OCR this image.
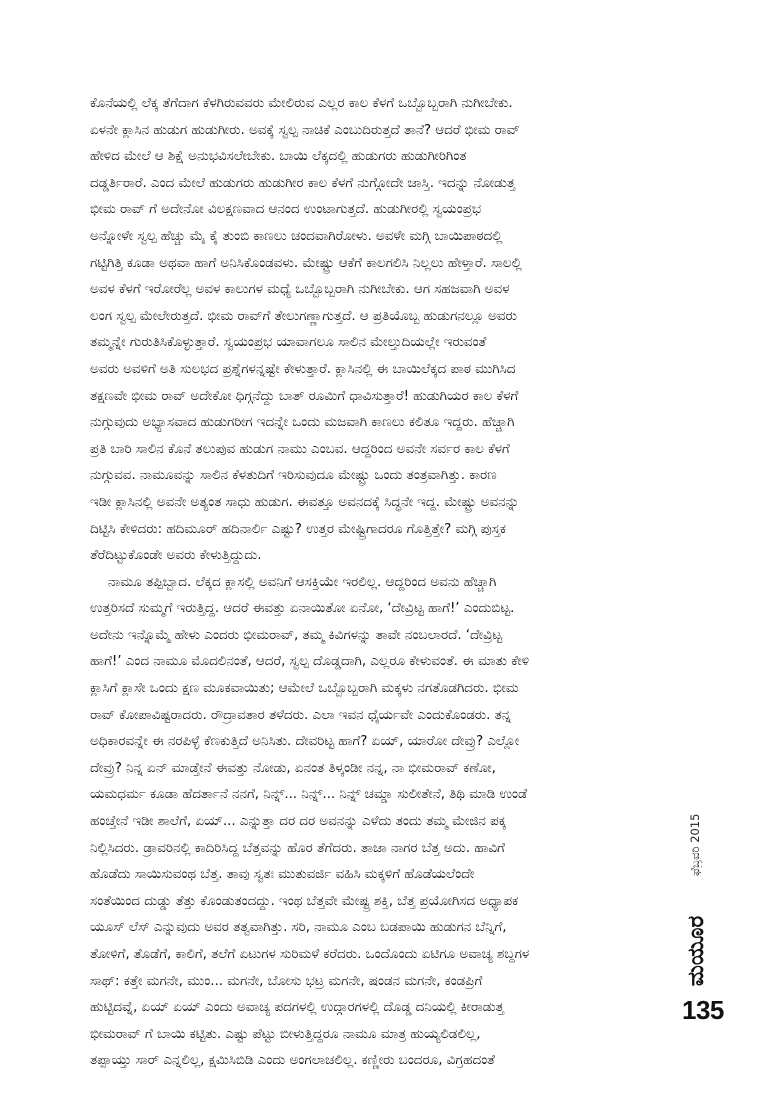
ಕೊನೆಯಲ್ಲಿ ಲೆಕ್ಕ ತೆಗೆದಾಗ ಕೆಳಗಿರುವವರು ಮೇಲಿರುವ ಎಲ್ಲರ ಕಾಲ ಕೆಳಗೆ ಒಬ್ಬೊಬ್ಬರಾಗಿ ನುಗೀಬೇಕು.
ಏಳನೇ ಕ್ಲಾಸಿನ ಹುಡುಗ ಹುಡುಗೀರು. ಅವಕ್ಕೆ ಸ್ವಲ್ಪ ನಾಚಿಕೆ ಎಂಬುದಿರುತ್ತದೆ ತಾನೆ? ಆದರೆ ಭೀಮ ರಾವ್
ಹೇಳಿದ ಮೇಲೆ ಆ ಶಿಕ್ಷೆ ಅನುಭವಿಸಲೇಬೇಕು. ಬಾಯಿ ಲೆಕ್ಕದಲ್ಲಿ ಹುಡುಗರು ಹುಡುಗೀರಿಗಿಂತ
ದಡ್ಡರ್ತಿರಾರೆ. ಎಂದ ಮೇಲೆ ಹುಡುಗರು ಹುಡುಗೀರ ಕಾಲ ಕೆಳಗೆ ನುಗ್ಗೋದೇ ಜಾಸ್ತಿ. ಇದನ್ನು ನೋಡುತ್ತ
ಭೀಮ ರಾವ್ ಗೆ ಅದೇನೋ ವಿಲಕ್ಷಣವಾದ ಆನಂದ ಉಂಟಾಗುತ್ತದೆ. ಹುಡುಗೀರಲ್ಲಿ ಸ್ವಯಂಪ್ರಭ
ಅನ್ನೋಳೇ ಸ್ವಲ್ಪ ಹೆಚ್ಚು ಮೈ ಕೈ ತುಂಬಿ ಕಾಣಲು ಚಂದವಾಗಿರೋಳು. ಅವಳೇ ಮಗ್ಗಿ ಬಾಯಿಪಾಠದಲ್ಲಿ
ಗಟ್ಟಿಗಿತ್ತಿ ಕೂಡಾ ಅಥವಾ ಹಾಗೆ ಅನಿಸಿಕೊಂಡವಳು. ಮೇಷ್ಟ್ರು ಆಕೆಗೆ ಕಾಲಗಲಿಸಿ ನಿಲ್ಲಲು ಹೇಳ್ತಾರೆ. ಸಾಲಲ್ಲಿ
ಅವಳ ಕೆಳಗೆ ಇರೋರೆಲ್ಲ ಅವಳ ಕಾಲುಗಳ ಮಧ್ಯೆ ಒಬ್ಬೊಬ್ಬರಾಗಿ ನುಗೀಬೇಕು. ಆಗ ಸಹಜವಾಗಿ ಅವಳ
ಲಂಗ ಸ್ವಲ್ಪ ಮೇಲೇರುತ್ತದೆ. ಭೀಮ ರಾವ್‌ಗೆ ತೇಲುಗಣ್ಣಾಗುತ್ತದೆ. ಆ ಪ್ರತಿಯೊಬ್ಬ ಹುಡುಗನಲ್ಲೂ ಅವರು
ತಮ್ಮನ್ನೇ ಗುರುತಿಸಿಕೊಳ್ಳುತ್ತಾರೆ. ಸ್ವಯಂಪ್ರಭ ಯಾವಾಗಲೂ ಸಾಲಿನ ಮೇಲ್ತುದಿಯಲ್ಲೇ ಇರುವಂತೆ
ಅವರು ಅವಳಿಗೆ ಅತಿ ಸುಲಭದ ಪ್ರಶ್ನೆಗಳನ್ನಷ್ಟೇ ಕೇಳುತ್ತಾರೆ. ಕ್ಲಾಸಿನಲ್ಲಿ ಈ ಬಾಯಿಲೆಕ್ಕದ ಪಾಠ ಮುಗಿಸಿದ
ತಕ್ಷಣವೇ ಭೀಮ ರಾವ್ ಅದೇಕೋ ಧಿಗ್ಗನೆದ್ದು ಬಾತ್ ರೂಮಿಗೆ ಧಾವಿಸುತ್ತಾರೆ! ಹುಡುಗಿಯರ ಕಾಲ ಕೆಳಗೆ
ನುಗ್ಗುವುದು ಅಭ್ಯಾಸವಾದ ಹುಡುಗರೀಗ ಇದನ್ನೇ ಒಂದು ಮಜವಾಗಿ ಕಾಣಲು ಕಲಿತೂ ಇದ್ದರು. ಹೆಚ್ಚಾಗಿ
ಪ್ರತಿ ಬಾರಿ ಸಾಲಿನ ಕೊನೆ ತಲುಪುವ ಹುಡುಗ ನಾಮು ಎಂಬವ. ಆದ್ದರಿಂದ ಅವನೇ ಸರ್ವರ ಕಾಲ ಕೆಳಗೆ
ನುಗ್ಗುವವ. ನಾಮೂವನ್ನು ಸಾಲಿನ ಕೆಳತುದಿಗೆ ಇರಿಸುವುದೂ ಮೇಷ್ಟ್ರು ಒಂದು ತಂತ್ರವಾಗಿತ್ತು. ಕಾರಣ
ಇಡೀ ಕ್ಲಾಸಿನಲ್ಲಿ ಅವನೇ ಅತ್ಯಂತ ಸಾಧು ಹುಡುಗ. ಈವತ್ತೂ ಅವನದಕ್ಕೆ ಸಿದ್ಧನೇ ಇದ್ದ. ಮೇಷ್ಟ್ರು ಅವನನ್ನು
ದಿಟ್ಟಿಸಿ ಕೇಳಿದರು: ಹದಿಮೂರ್ ಹದಿನಾರ್ಲಿ ಎಷ್ಟು? ಉತ್ತರ ಮೇಷ್ಟ್ರಿಗಾದರೂ ಗೊತ್ತಿತ್ತೇ? ಮಗ್ಗಿ ಪುಸ್ತಕ
ತೆರೆದಿಟ್ಟುಕೊಂಡೇ ಅವರು ಕೇಳುತ್ತಿದ್ದುದು.
ನಾಮೂ ತಪ್ಪಿಬ್ಬಾದ. ಲೆಕ್ಕದ ಕ್ಲಾಸಲ್ಲಿ ಅವನಿಗೆ ಆಸಕ್ತಿಯೇ ಇರಲಿಲ್ಲ. ಆದ್ದರಿಂದ ಅವನು ಹೆಚ್ಚಾಗಿ
ಉತ್ತರಿಸದೆ ಸುಮ್ಮಗೆ ಇರುತ್ತಿದ್ದ. ಆದರೆ ಈವತ್ತು ಏನಾಯಿತೋ ಏನೋ, ‘ದೇವ್ರಿಟ್ಟ ಹಾಗೆ!’ ಎಂದುಬಿಟ್ಟ.
ಅದೇನು ಇನ್ನೊಮ್ಮೆ ಹೇಳು ಎಂದರು ಭೀಮರಾವ್, ತಮ್ಮ ಕಿವಿಗಳನ್ನು ತಾವೇ ನಂಬಲಾರದೆ. ‘ದೇವ್ರಿಟ್ಟ
ಹಾಗೆ!’ ಎಂದ ನಾಮೂ ಮೊದಲಿನಂತೆ, ಆದರೆ, ಸ್ವಲ್ಪ ದೊಡ್ಡದಾಗಿ, ಎಲ್ಲರೂ ಕೇಳುವಂತೆ. ಈ ಮಾತು ಕೇಳಿ
ಕ್ಲಾಸಿಗೆ ಕ್ಲಾಸೇ ಒಂದು ಕ್ಷಣ ಮೂಕವಾಯಿತು; ಆಮೇಲೆ ಒಬ್ಬೊಬ್ಬರಾಗಿ ಮಕ್ಕಳು ನಗತೊಡಗಿದರು. ಭೀಮ
ರಾವ್ ಕೋಪಾವಿಷ್ಟರಾದರು. ರೌದ್ರಾವತಾರ ತಳೆದರು. ಎಲಾ ಇವನ ಧೈರ್ಯವೇ ಎಂದುಕೊಂಡರು. ತನ್ನ
ಅಧಿಕಾರವನ್ನೇ ಈ ನರಪಿಳ್ಳೆ ಕೆಣಕುತ್ತಿದೆ ಅನಿಸಿತು. ದೇವರಿಟ್ಟ ಹಾಗೆ? ಏಯ್, ಯಾರೋ ದೇವ್ರು? ಎಲ್ಲೋ
ದೇವ್ರು? ನಿನ್ನ ಏನ್ ಮಾಡ್ತೇನೆ ಈವತ್ತು ನೋಡು, ಏನಂತ ತಿಳ್ಕಂಡೀ ನನ್ನ, ನಾ ಭೀಮರಾವ್ ಕಣೋ,
ಯಮಧರ್ಮ ಕೂಡಾ ಹೆದರ್ತಾನೆ ನನಗೆ, ನಿನ್ನ್... ನಿನ್ನ್... ನಿನ್ನ್ ಚಮ್ಡಾ ಸುಲೀತೇನೆ, ತಿಥಿ ಮಾಡಿ ಉಂಡೆ
ಹಂಚ್ತೇನೆ ಇಡೀ ಶಾಲೆಗೆ, ಏಯ್... ಎನ್ನುತ್ತಾ ದರ ದರ ಅವನನ್ನು ಎಳೆದು ತಂದು ತಮ್ಮ ಮೇಜಿನ ಪಕ್ಕ
ನಿಲ್ಲಿಸಿದರು. ಡ್ರಾವರಿನಲ್ಲಿ ಕಾದಿರಿಸಿದ್ದ ಬೆತ್ತವನ್ನು ಹೊರ ತೆಗೆದರು. ತಾಜಾ ನಾಗರ ಬೆತ್ತ ಅದು. ಹಾವಿಗೆ
ಹೊಡೆದು ಸಾಯಿಸುವಂಥ ಬೆತ್ತ. ತಾವು ಸ್ವತಃ ಮುತುವರ್ಜಿ ವಹಿಸಿ ಮಕ್ಕಳಿಗೆ ಹೊಡೆಯಲೆಂದೇ
ಸಂತೆಯಿಂದ ದುಡ್ಡು ತೆತ್ತು ಕೊಂಡುತಂದದ್ದು. ಇಂಥ ಬೆತ್ತವೇ ಮೇಷ್ಟ್ರ ಶಕ್ತಿ, ಬೆತ್ತ ಪ್ರಯೋಗಿಸದ ಅಧ್ಯಾಪಕ
ಯೂಸ್ ಲೆಸ್ ಎನ್ನುವುದು ಅವರ ತತ್ವವಾಗಿತ್ತು. ಸರಿ, ನಾಮೂ ಎಂಬ ಬಡಪಾಯಿ ಹುಡುಗನ ಬೆನ್ನಿಗೆ,
ತೋಳಿಗೆ, ತೊಡೆಗೆ, ಕಾಲಿಗೆ, ತಲೆಗೆ ಏಟುಗಳ ಸುರಿಮಳೆ ಕರೆದರು. ಒಂದೊಂದು ಏಟಿಗೂ ಅವಾಚ್ಯ ಶಬ್ದಗಳ
ಸಾಥ್: ಕತ್ತೇ ಮಗನೇ, ಮುಂ... ಮಗನೇ, ಬೋಸು ಭಟ್ರ ಮಗನೇ, ಷಂಡನ ಮಗನೇ, ಕಂಡಪ್ರಿಗೆ
ಹುಟ್ಟಿದವ್ನೆ, ಏಯ್ ಏಯ್ ಎಂದು ಅವಾಚ್ಯ ಪದಗಳಲ್ಲಿ ಉದ್ಗಾರಗಳಲ್ಲಿ ದೊಡ್ಡ ದನಿಯಲ್ಲಿ ಕೀರಾಡುತ್ತ
ಭೀಮರಾವ್ ಗೆ ಬಾಯಿ ಕಟ್ಟಿತು. ಎಷ್ಟು ಪೆಟ್ಟು ಬೀಳುತ್ತಿದ್ದರೂ ನಾಮೂ ಮಾತ್ರ ಹುಯ್ಯಲಿಡಲಿಲ್ಲ,
ತಪ್ಪಾಯ್ತು ಸಾರ್ ಎನ್ನಲಿಲ್ಲ, ಕ್ಷಮಿಸಿಬಿಡಿ ಎಂದು ಅಂಗಲಾಚಲಿಲ್ಲ. ಕಣ್ಣೀರು ಬಂದರೂ, ವಿಗ್ರಹದಂತೆ
ಫೆಬ್ರವರಿ 2015
ಮಯೂರ
135
